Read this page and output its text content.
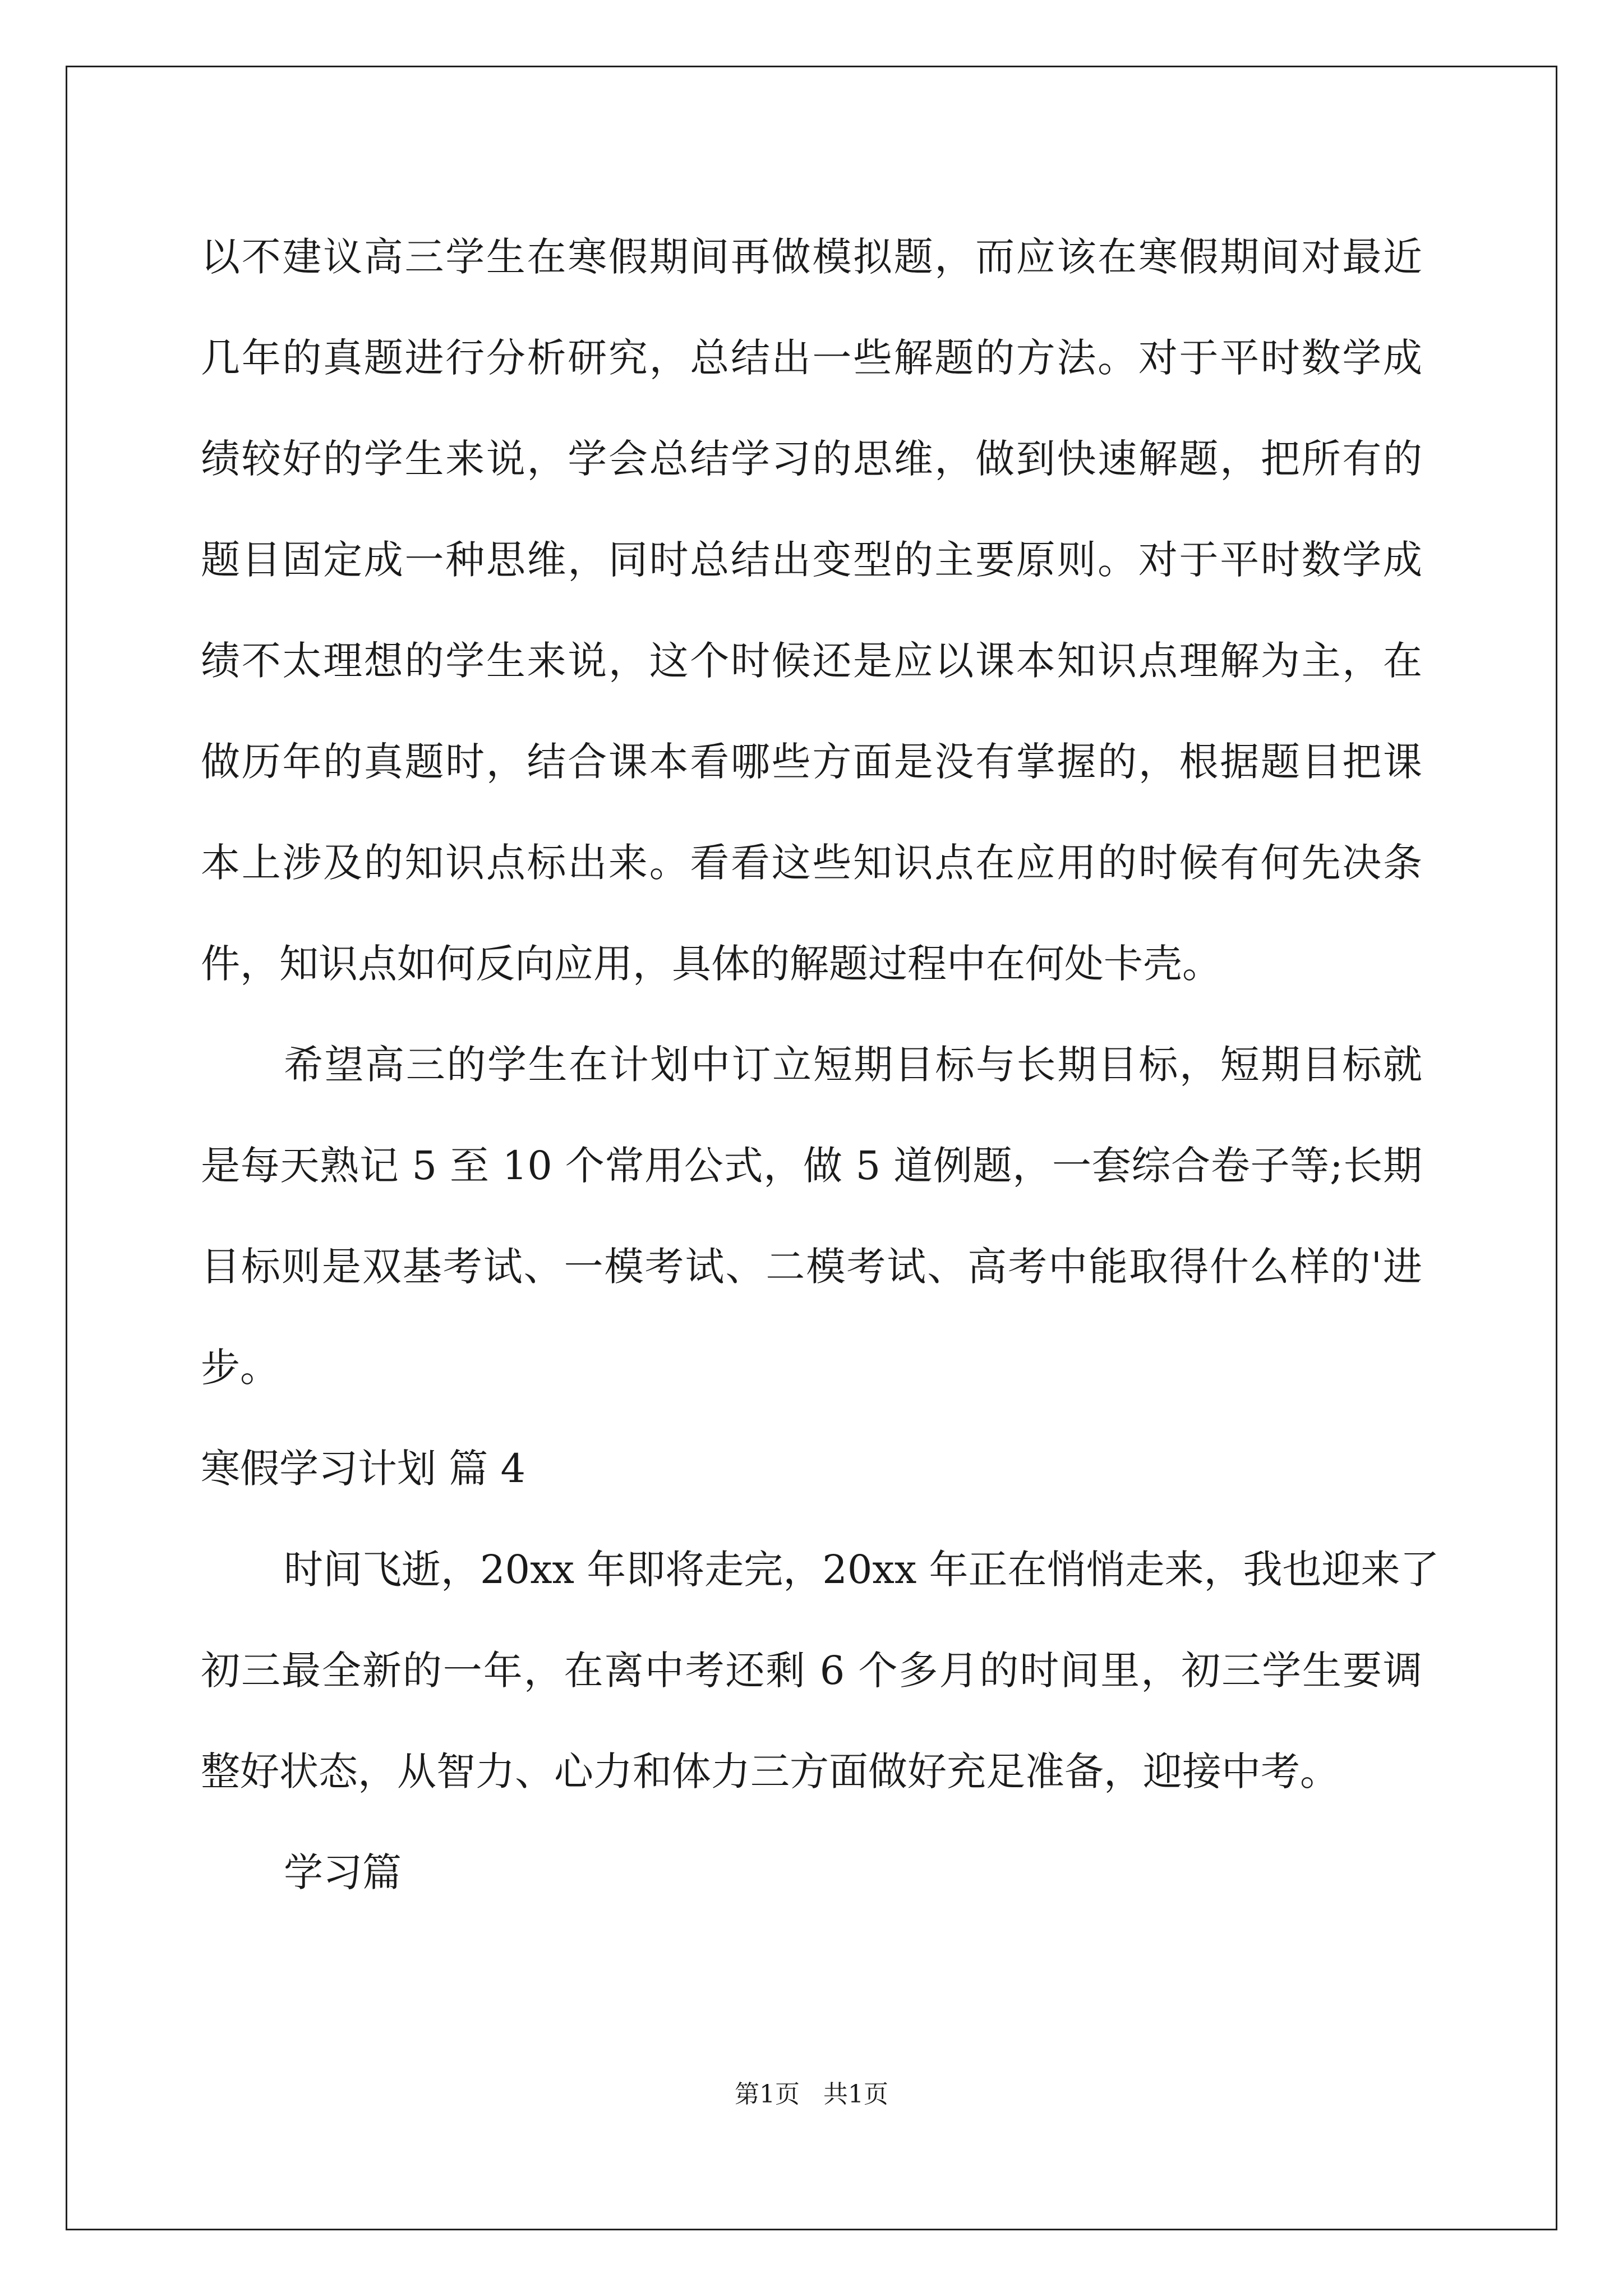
以不建议高三学生在寒假期间再做模拟题，而应该在寒假期间对最近
几年的真题进行分析研究，总结出一些解题的方法。对于平时数学成
绩较好的学生来说，学会总结学习的思维，做到快速解题，把所有的
题目固定成一种思维，同时总结出变型的主要原则。对于平时数学成
绩不太理想的学生来说，这个时候还是应以课本知识点理解为主，在
做历年的真题时，结合课本看哪些方面是没有掌握的，根据题目把课
本上涉及的知识点标出来。看看这些知识点在应用的时候有何先决条
件，知识点如何反向应用，具体的解题过程中在何处卡壳。
希望高三的学生在计划中订立短期目标与长期目标，短期目标就
是每天熟记 5 至 10 个常用公式，做 5 道例题，一套综合卷子等;长期
目标则是双基考试、一模考试、二模考试、高考中能取得什么样的'进
步。
寒假学习计划 篇 4
时间飞逝，20xx 年即将走完，20xx 年正在悄悄走来，我也迎来了
初三最全新的一年，在离中考还剩 6 个多月的时间里，初三学生要调
整好状态，从智力、心力和体力三方面做好充足准备，迎接中考。
学习篇
第1页   共1页
